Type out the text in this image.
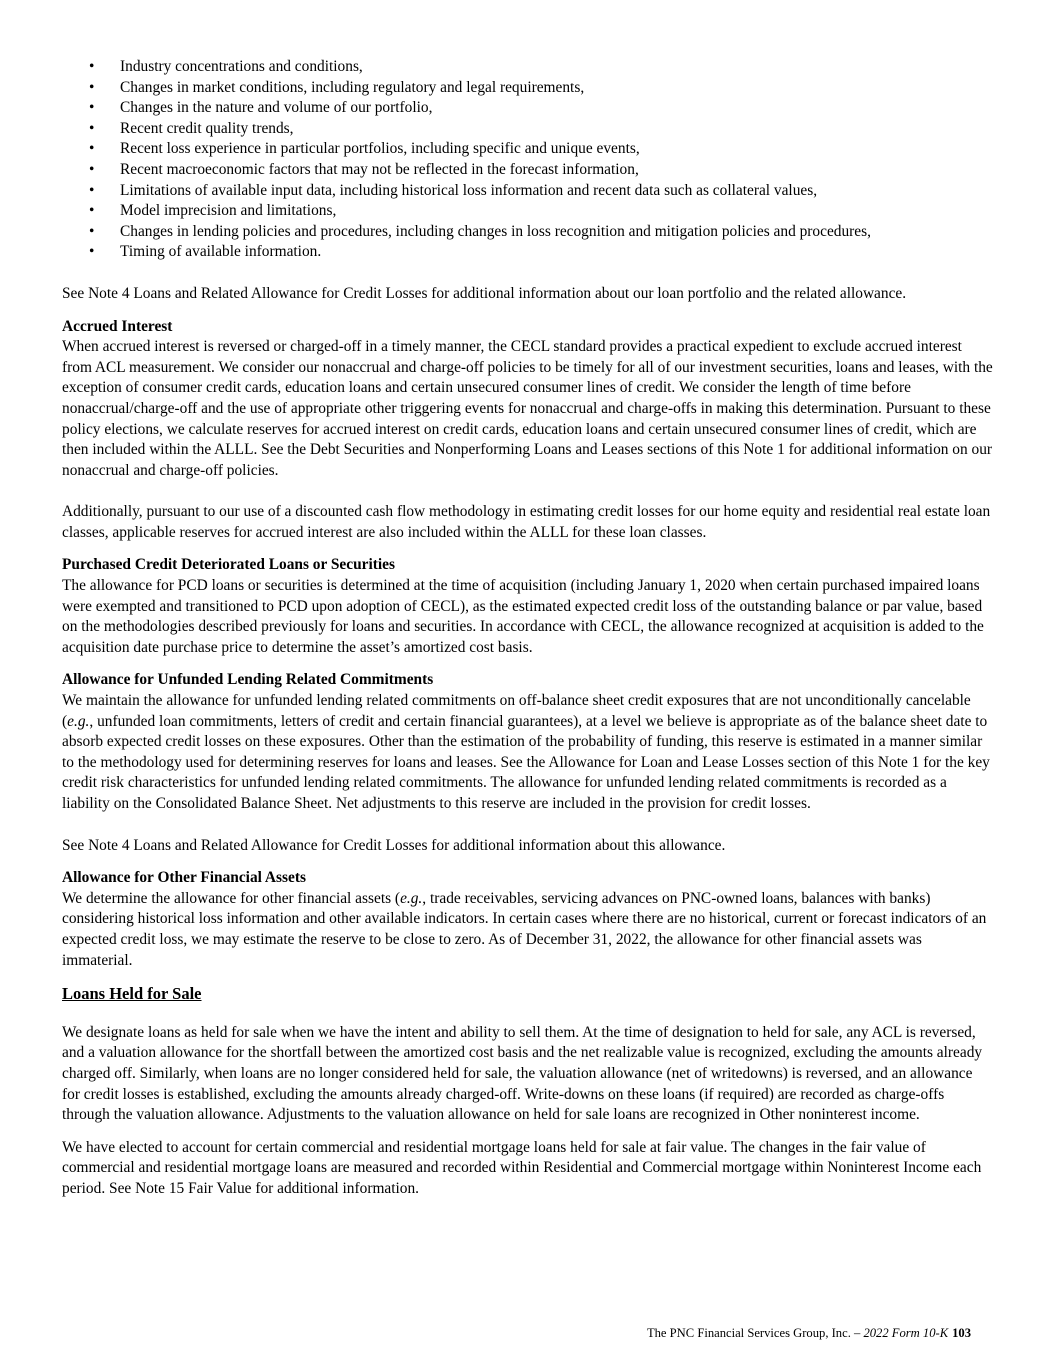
• Industry concentrations and conditions,
• Changes in market conditions, including regulatory and legal requirements,
• Changes in the nature and volume of our portfolio,
• Recent credit quality trends,
• Recent loss experience in particular portfolios, including specific and unique events,
• Recent macroeconomic factors that may not be reflected in the forecast information,
• Limitations of available input data, including historical loss information and recent data such as collateral values,
• Model imprecision and limitations,
• Changes in lending policies and procedures, including changes in loss recognition and mitigation policies and procedures,
• Timing of available information.

See Note 4 Loans and Related Allowance for Credit Losses for additional information about our loan portfolio and the related allowance.

Accrued Interest

When accrued interest is reversed or charged-off in a timely manner, the CECL standard provides a practical expedient to exclude accrued interest from ACL measurement. We consider our nonaccrual and charge-off policies to be timely for all of our investment securities, loans and leases, with the exception of consumer credit cards, education loans and certain unsecured consumer lines of credit. We consider the length of time before nonaccrual/charge-off and the use of appropriate other triggering events for nonaccrual and charge-offs in making this determination. Pursuant to these policy elections, we calculate reserves for accrued interest on credit cards, education loans and certain unsecured consumer lines of credit, which are then included within the ALLL. See the Debt Securities and Nonperforming Loans and Leases sections of this Note 1 for additional information on our nonaccrual and charge-off policies.

Additionally, pursuant to our use of a discounted cash flow methodology in estimating credit losses for our home equity and residential real estate loan classes, applicable reserves for accrued interest are also included within the ALLL for these loan classes.

Purchased Credit Deteriorated Loans or Securities

The allowance for PCD loans or securities is determined at the time of acquisition (including January 1, 2020 when certain purchased impaired loans were exempted and transitioned to PCD upon adoption of CECL), as the estimated expected credit loss of the outstanding balance or par value, based on the methodologies described previously for loans and securities. In accordance with CECL, the allowance recognized at acquisition is added to the acquisition date purchase price to determine the asset’s amortized cost basis.

Allowance for Unfunded Lending Related Commitments

We maintain the allowance for unfunded lending related commitments on off-balance sheet credit exposures that are not unconditionally cancelable (e.g., unfunded loan commitments, letters of credit and certain financial guarantees), at a level we believe is appropriate as of the balance sheet date to absorb expected credit losses on these exposures. Other than the estimation of the probability of funding, this reserve is estimated in a manner similar to the methodology used for determining reserves for loans and leases. See the Allowance for Loan and Lease Losses section of this Note 1 for the key credit risk characteristics for unfunded lending related commitments. The allowance for unfunded lending related commitments is recorded as a liability on the Consolidated Balance Sheet. Net adjustments to this reserve are included in the provision for credit losses.

See Note 4 Loans and Related Allowance for Credit Losses for additional information about this allowance.

Allowance for Other Financial Assets

We determine the allowance for other financial assets (e.g., trade receivables, servicing advances on PNC-owned loans, balances with banks) considering historical loss information and other available indicators. In certain cases where there are no historical, current or forecast indicators of an expected credit loss, we may estimate the reserve to be close to zero. As of December 31, 2022, the allowance for other financial assets was immaterial.

Loans Held for Sale

We designate loans as held for sale when we have the intent and ability to sell them. At the time of designation to held for sale, any ACL is reversed, and a valuation allowance for the shortfall between the amortized cost basis and the net realizable value is recognized, excluding the amounts already charged off. Similarly, when loans are no longer considered held for sale, the valuation allowance (net of writedowns) is reversed, and an allowance for credit losses is established, excluding the amounts already charged-off. Write-downs on these loans (if required) are recorded as charge-offs through the valuation allowance. Adjustments to the valuation allowance on held for sale loans are recognized in Other noninterest income.

We have elected to account for certain commercial and residential mortgage loans held for sale at fair value. The changes in the fair value of commercial and residential mortgage loans are measured and recorded within Residential and Commercial mortgage within Noninterest Income each period. See Note 15 Fair Value for additional information.

The PNC Financial Services Group, Inc. – 2022 Form 10-K 103
